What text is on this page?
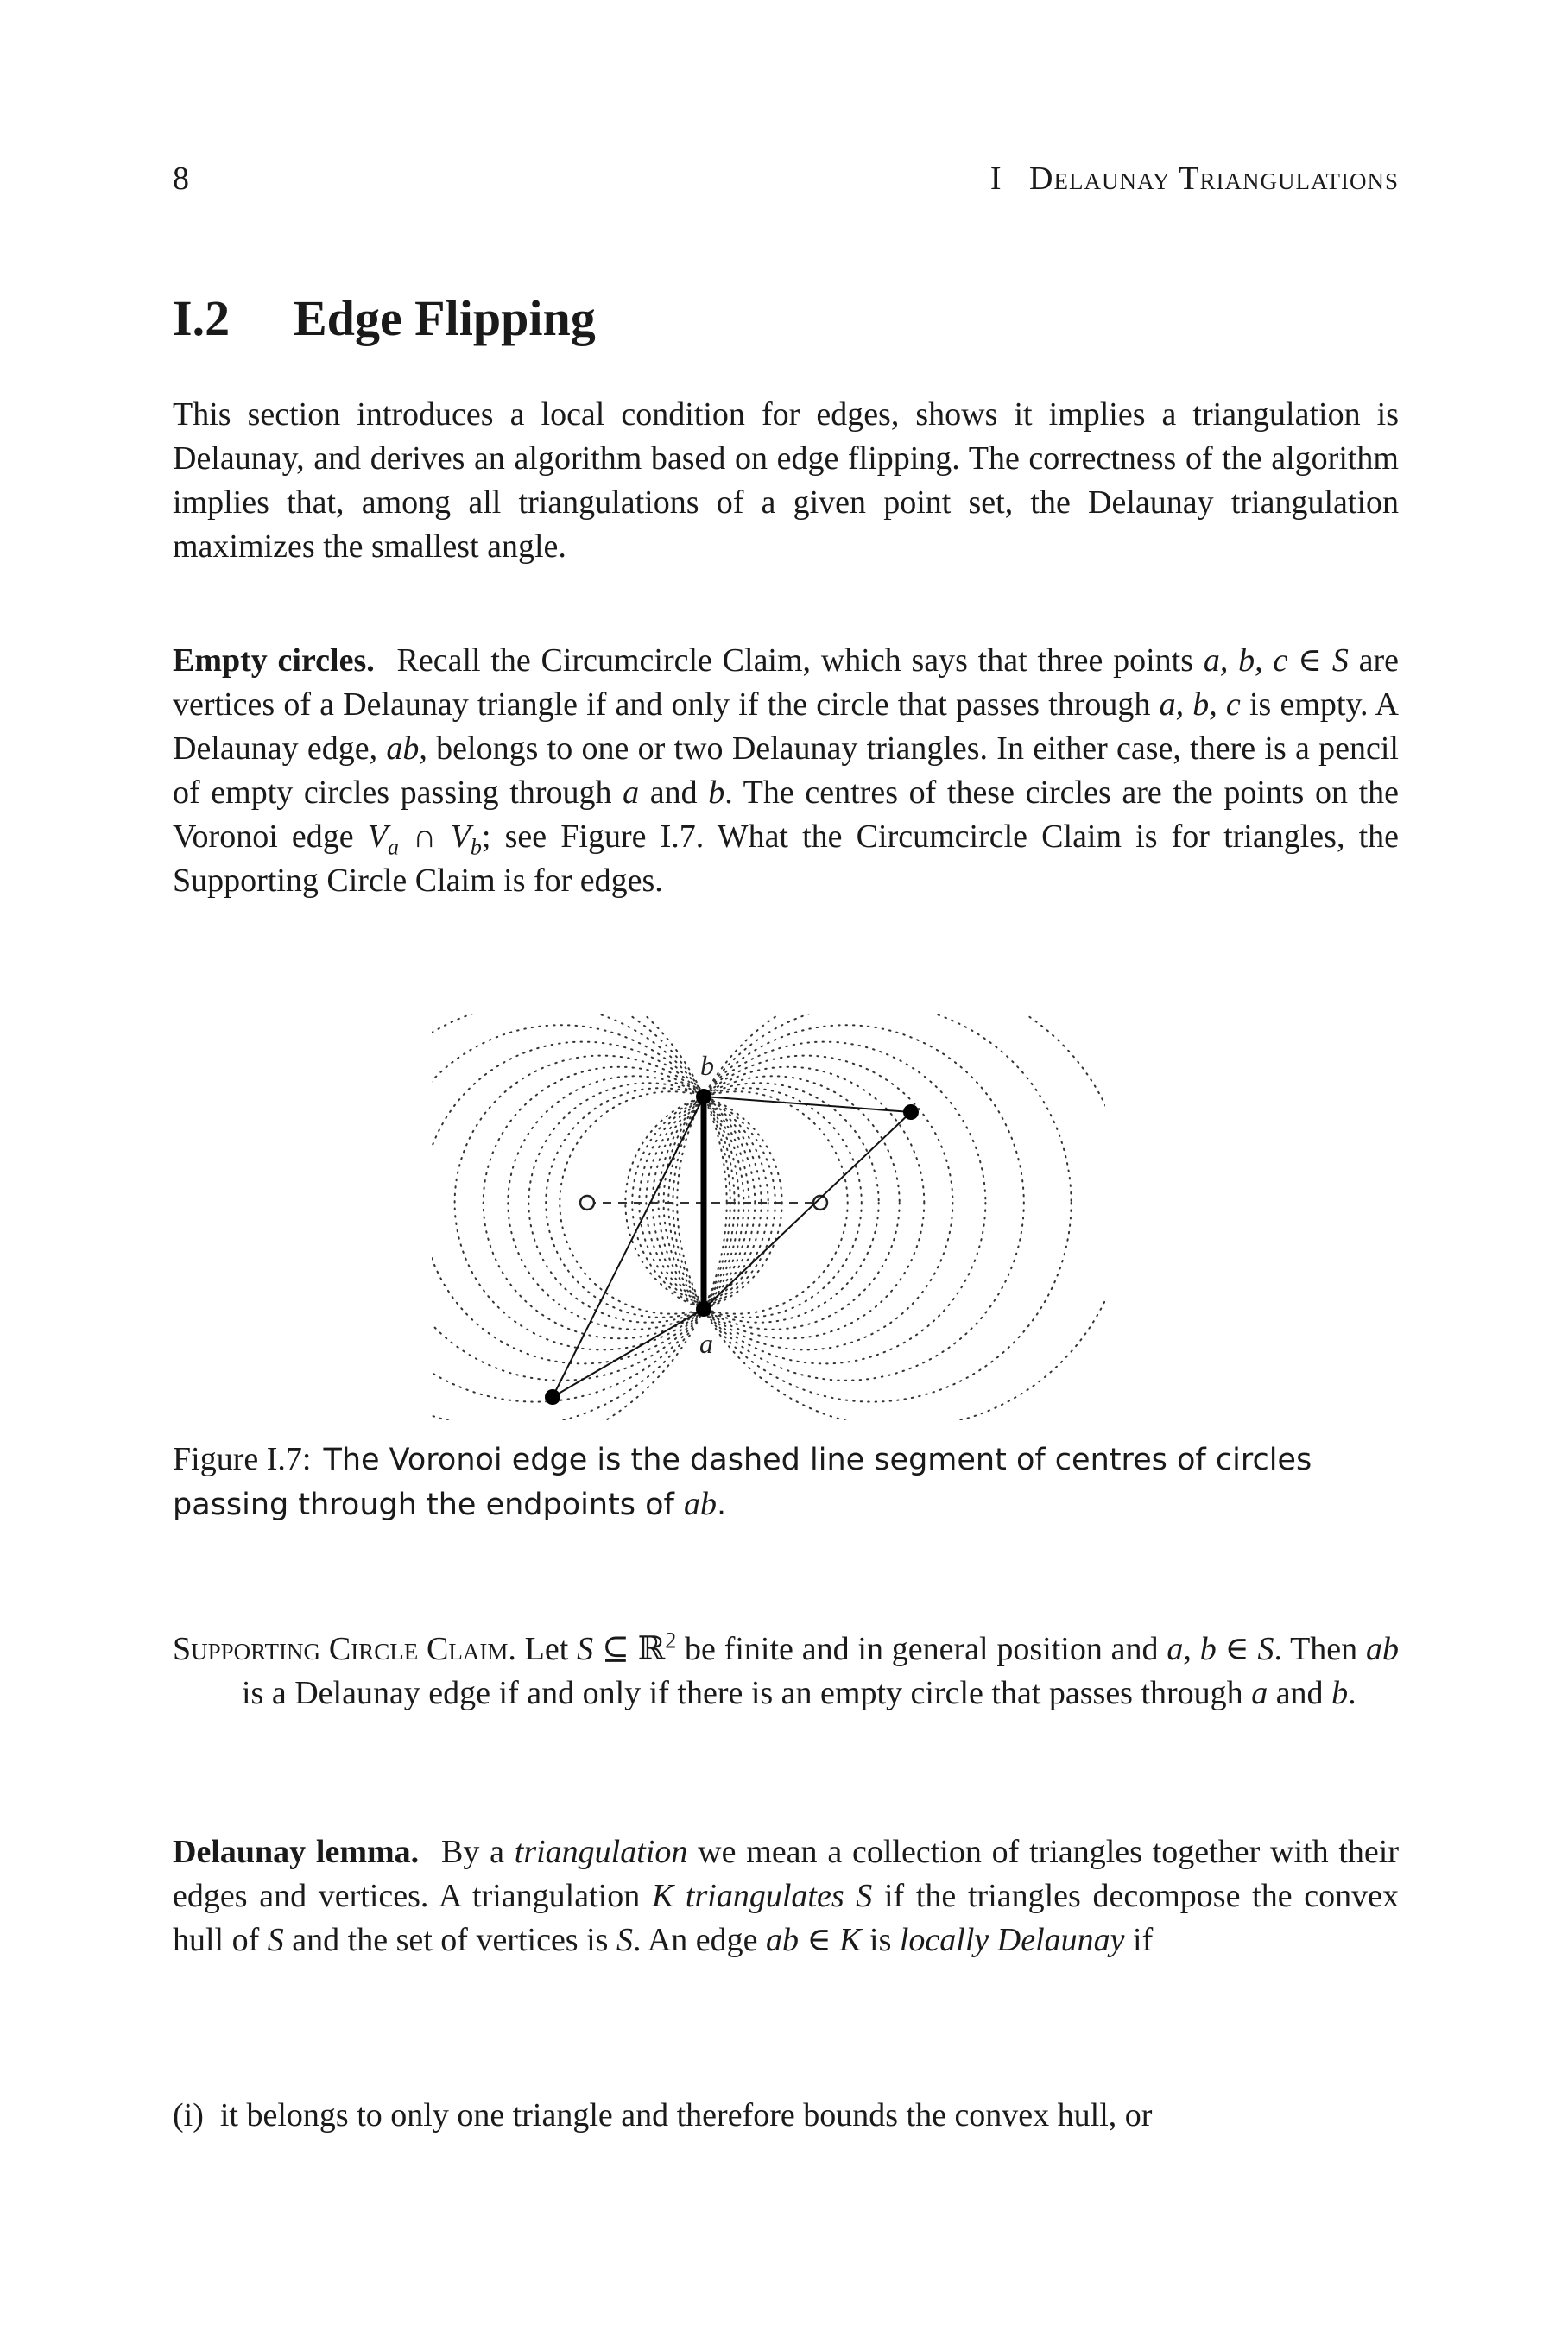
8	I Delaunay Triangulations
I.2 Edge Flipping

This section introduces a local condition for edges, shows it implies a triangulation is Delaunay, and derives an algorithm based on edge flipping. The correctness of the algorithm implies that, among all triangulations of a given point set, the Delaunay triangulation maximizes the smallest angle.

Empty circles. Recall the Circumcircle Claim, which says that three points a, b, c ∈ S are vertices of a Delaunay triangle if and only if the circle that passes through a, b, c is empty. A Delaunay edge, ab, belongs to one or two Delaunay triangles. In either case, there is a pencil of empty circles passing through a and b. The centres of these circles are the points on the Voronoi edge $V_a$ ∩ $V_b$; see Figure I.7. What the Circumcircle Claim is for triangles, the Supporting Circle Claim is for edges.

b
a
Figure I.7: The Voronoi edge is the dashed line segment of centres of circles passing through the endpoints of ab.

Supporting Circle Claim. Let S ⊆ ℝ$^2$ be finite and in general position and a, b ∈ S. Then ab is a Delaunay edge if and only if there is an empty circle that passes through a and b.

Delaunay lemma. By a triangulation we mean a collection of triangles together with their edges and vertices. A triangulation K triangulates S if the triangles decompose the convex hull of S and the set of vertices is S. An edge ab ∈ K is locally Delaunay if

(i) it belongs to only one triangle and therefore bounds the convex hull, or
